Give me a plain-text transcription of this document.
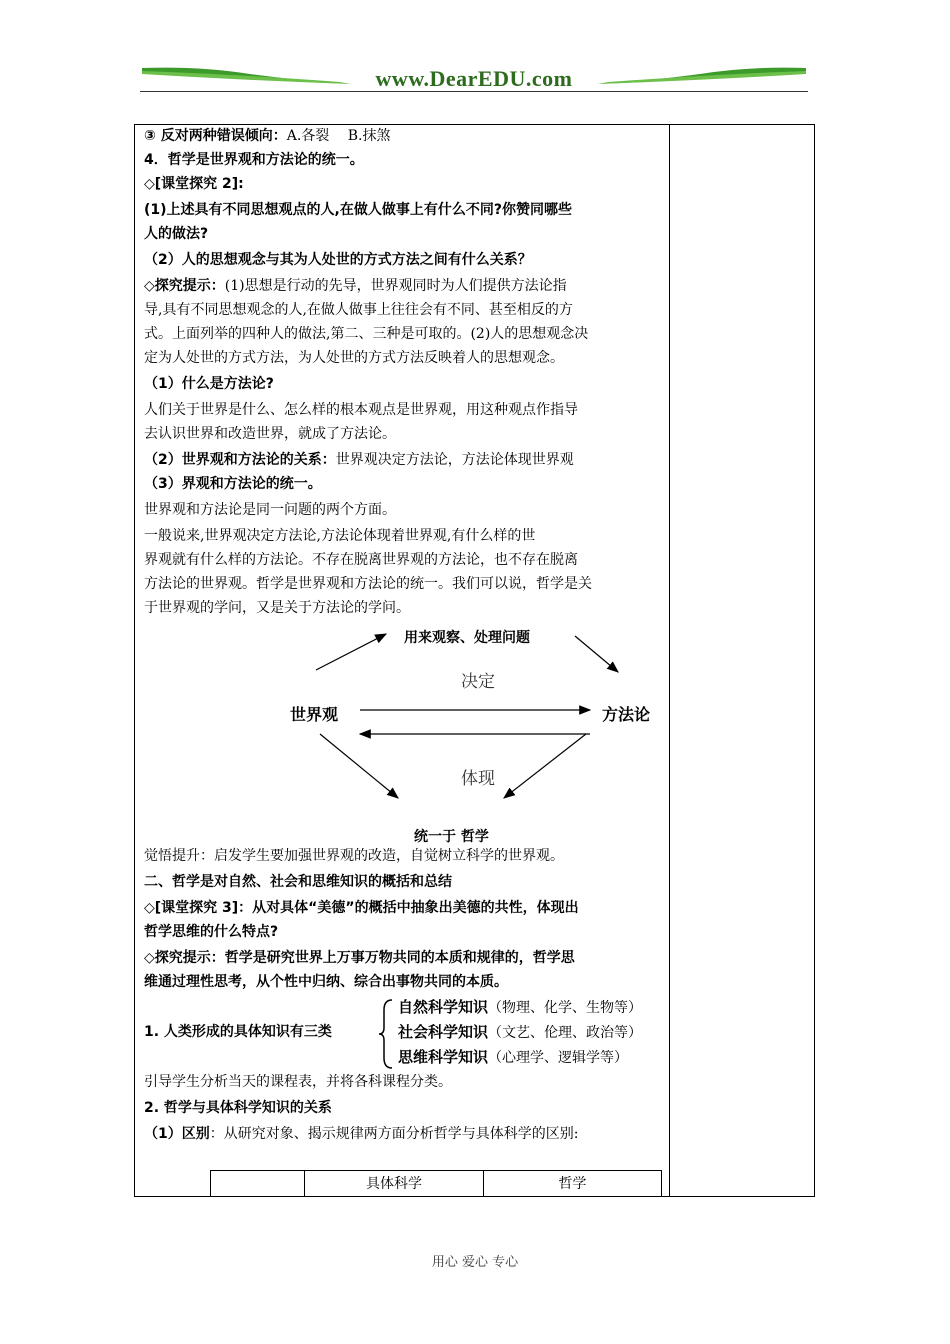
www.DearEDU.com
③ 反对两种错误倾向：A.各裂　 B.抹煞
4．哲学是世界观和方法论的统一。
◇[课堂探究 2]:
(1)上述具有不同思想观点的人,在做人做事上有什么不同?你赞同哪些
人的做法?
（2）人的思想观念与其为人处世的方式方法之间有什么关系？
◇探究提示：(1)思想是行动的先导，世界观同时为人们提供方法论指
导,具有不同思想观念的人,在做人做事上往往会有不同、甚至相反的方
式。上面列举的四种人的做法,第二、三种是可取的。(2)人的思想观念决
定为人处世的方式方法，为人处世的方式方法反映着人的思想观念。
（1）什么是方法论?
人们关于世界是什么、怎么样的根本观点是世界观，用这种观点作指导
去认识世界和改造世界，就成了方法论。
（2）世界观和方法论的关系：世界观决定方法论，方法论体现世界观
（3）界观和方法论的统一。
世界观和方法论是同一问题的两个方面。
一般说来,世界观决定方法论,方法论体现着世界观,有什么样的世
界观就有什么样的方法论。不存在脱离世界观的方法论，也不存在脱离
方法论的世界观。哲学是世界观和方法论的统一。我们可以说，哲学是关
于世界观的学问，又是关于方法论的学问。
觉悟提升：启发学生要加强世界观的改造，自觉树立科学的世界观。
二、哲学是对自然、社会和思维知识的概括和总结
◇[课堂探究 3]：从对具体“美德”的概括中抽象出美德的共性，体现出
哲学思维的什么特点?
◇探究提示：哲学是研究世界上万事万物共同的本质和规律的，哲学思
维通过理性思考，从个性中归纳、综合出事物共同的本质。
1. 人类形成的具体知识有三类
引导学生分析当天的课程表，并将各科课程分类。
2. 哲学与具体科学知识的关系
（1）区别：从研究对象、揭示规律两方面分析哲学与具体科学的区别:
自然科学知识（物理、化学、生物等）
社会科学知识（文艺、伦理、政治等）
思维科学知识（心理学、逻辑学等）
用来观察、处理问题
决定
世界观	方法论
体现
统一于 哲学
具体科学	哲学
用心 爱心 专心
